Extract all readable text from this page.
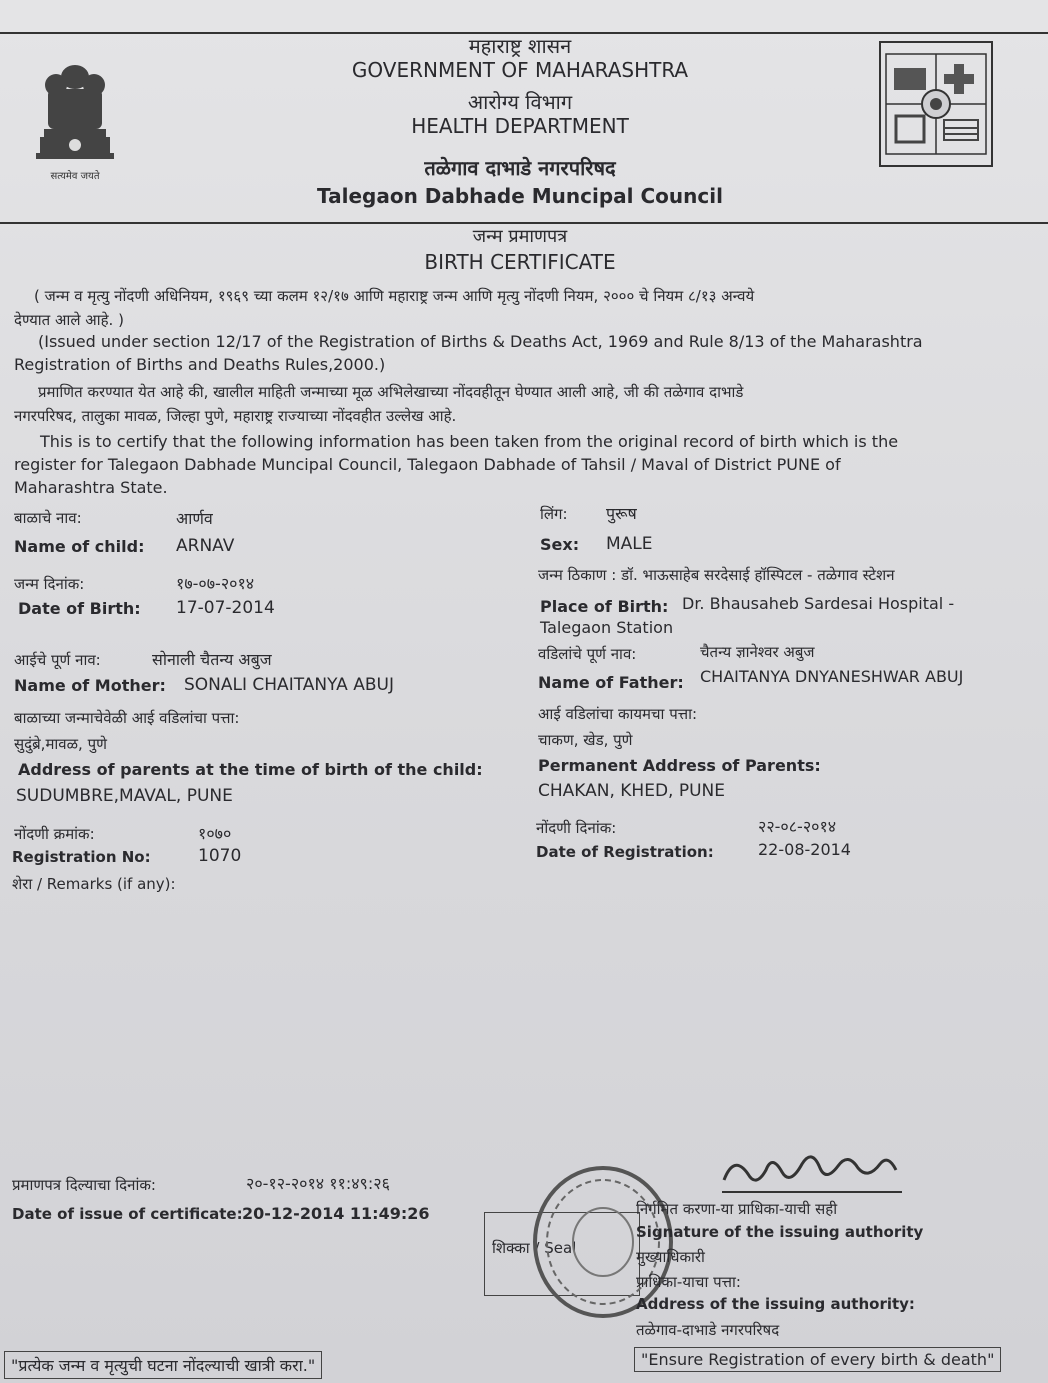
सत्यमेव जयते
महाराष्ट्र शासन
GOVERNMENT OF MAHARASHTRA
आरोग्य विभाग
HEALTH DEPARTMENT
तळेगाव दाभाडे नगरपरिषद
Talegaon Dabhade Muncipal Council
जन्म प्रमाणपत्र
BIRTH CERTIFICATE
( जन्म व मृत्यु नोंदणी अधिनियम, १९६९ च्या कलम १२/१७ आणि महाराष्ट्र जन्म आणि मृत्यु नोंदणी नियम, २००० चे नियम ८/१३ अन्वये
देण्यात आले आहे. )
(Issued under section 12/17 of the Registration of Births & Deaths Act, 1969 and Rule 8/13 of the Maharashtra
Registration of Births and Deaths Rules,2000.)
प्रमाणित करण्यात येत आहे की, खालील माहिती जन्माच्या मूळ अभिलेखाच्या नोंदवहीतून घेण्यात आली आहे, जी की तळेगाव दाभाडे
नगरपरिषद, तालुका मावळ, जिल्हा पुणे, महाराष्ट्र राज्याच्या नोंदवहीत उल्लेख आहे.
This is to certify that the following information has been taken from the original record of birth which is the
register for Talegaon Dabhade Muncipal Council, Talegaon Dabhade of Tahsil / Maval of District PUNE of
Maharashtra State.
बाळाचे नाव:	आर्णव
Name of child: ARNAV
जन्म दिनांक:	१७-०७-२०१४
Date of Birth: 17-07-2014
आईचे पूर्ण नाव:	सोनाली चैतन्य अबुज
Name of Mother: SONALI CHAITANYA ABUJ
बाळाच्या जन्माचेवेळी आई वडिलांचा पत्ता:
सुदुंब्रे,मावळ, पुणे
Address of parents at the time of birth of the child:
SUDUMBRE,MAVAL, PUNE
नोंदणी क्रमांक:	१०७०
Registration No:	1070
शेरा / Remarks (if any):
लिंग: पुरूष
Sex: MALE
जन्म ठिकाण : डॉ. भाऊसाहेब सरदेसाई हॉस्पिटल - तळेगाव स्टेशन
Place of Birth: Dr. Bhausaheb Sardesai Hospital -
Talegaon Station
वडिलांचे पूर्ण नाव:	चैतन्य ज्ञानेश्वर अबुज
Name of Father: CHAITANYA DNYANESHWAR ABUJ
आई वडिलांचा कायमचा पत्ता:
चाकण, खेड, पुणे
Permanent Address of Parents:
CHAKAN, KHED, PUNE
नोंदणी दिनांक:	२२-०८-२०१४
Date of Registration:	22-08-2014
प्रमाणपत्र दिल्याचा दिनांक:	२०-१२-२०१४ ११:४९:२६
Date of issue of certificate: 20-12-2014 11:49:26
शिक्का / Seal
निर्गमित करणा-या प्राधिका-याची सही
Signature of the issuing authority
मुख्याधिकारी
प्राधिका-याचा पत्ता:
Address of the issuing authority:
तळेगाव-दाभाडे नगरपरिषद
"प्रत्येक जन्म व मृत्युची घटना नोंदल्याची खात्री करा."	"Ensure Registration of every birth & death"
